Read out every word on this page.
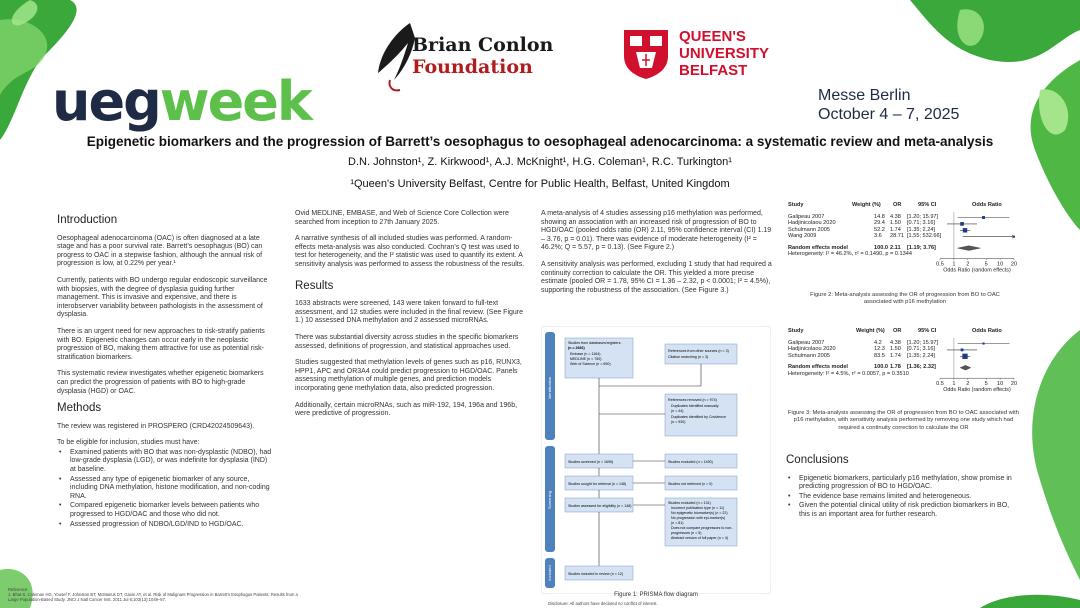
uegweek
Brian Conlon
Foundation
QUEEN'S
UNIVERSITY
BELFAST
Messe Berlin
October 4 – 7, 2025
Epigenetic biomarkers and the progression of Barrett’s oesophagus to oesophageal adenocarcinoma: a systematic review and meta-analysis
D.N. Johnston¹, Z. Kirkwood¹, A.J. McKnight¹, H.G. Coleman¹, R.C. Turkington¹
¹Queen's University Belfast, Centre for Public Health, Belfast, United Kingdom
Introduction

Oesophageal adenocarcinoma (OAC) is often diagnosed at a late stage and has a poor survival rate. Barrett’s oesophagus (BO) can progress to OAC in a stepwise fashion, although the annual risk of progression is low, at 0.22% per year.¹

Currently, patients with BO undergo regular endoscopic surveillance with biopsies, with the degree of dysplasia guiding further management. This is invasive and expensive, and there is interobserver variability between pathologists in the assessment of dysplasia.

There is an urgent need for new approaches to risk-stratify patients with BO. Epigenetic changes can occur early in the neoplastic progression of BO, making them attractive for use as potential risk-stratification biomarkers.

This systematic review investigates whether epigenetic biomarkers can predict the progression of patients with BO to high-grade dysplasia (HGD) or OAC.

Methods

The review was registered in PROSPERO (CRD42024509643).

To be eligible for inclusion, studies must have:

• Examined patients with BO that was non-dysplastic (NDBO), had low-grade dysplasia (LGD), or was indefinite for dysplasia (IND) at baseline.
• Assessed any type of epigenetic biomarker of any source, including DNA methylation, histone modification, and non-coding RNA.
• Compared epigenetic biomarker levels between patients who progressed to HGD/OAC and those who did not.
• Assessed progression of NDBO/LGD/IND to HGD/OAC.

Ovid MEDLINE, EMBASE, and Web of Science Core Collection were searched from inception to 27th January 2025.

A narrative synthesis of all included studies was performed. A random-effects meta-analysis was also conducted. Cochran's Q test was used to test for heterogeneity, and the I² statistic was used to quantify its extent. A sensitivity analysis was performed to assess the robustness of the results.

Results

1633 abstracts were screened, 143 were taken forward to full-text assessment, and 12 studies were included in the final review. (See Figure 1.) 10 assessed DNA methylation and 2 assessed microRNAs.

There was substantial diversity across studies in the specific biomarkers assessed, definitions of progression, and statistical approaches used.

Studies suggested that methylation levels of genes such as p16, RUNX3, HPP1, APC and OR3A4 could predict progression to HGD/OAC. Panels assessing methylation of multiple genes, and prediction models incorporating gene methylation data, also predicted progression.

Additionally, certain microRNAs, such as miR-192, 194, 196a and 196b, were predictive of progression.

A meta-analysis of 4 studies assessing p16 methylation was performed, showing an association with an increased risk of progression of BO to HGD/OAC (pooled odds ratio (OR) 2.11, 95% confidence interval (CI) 1.19 – 3.76, p = 0.01). There was evidence of moderate heterogeneity (I² = 46.2%; Q = 5.57, p = 0.13). (See Figure 2.)

A sensitivity analysis was performed, excluding 1 study that had required a continuity correction to calculate the OR. This yielded a more precise estimate (pooled OR = 1.78, 95% CI = 1.36 – 2.32, p < 0.0001; I² = 4.5%), supporting the robustness of the association. (See Figure 3.)

Identification
Screening
Included
Studies from databases/registers
(n = 2666)
Embase (n = 1164)
MEDLINE (n = 750)
Web of Science (n = 690)
References from other sources (n = 3)
Citation searching (n = 3)
References removed (n = 974)
Duplicates identified manually
(n = 44)
Duplicates identified by Covidence
(n = 930)
Studies screened (n = 1695)	Studies excluded (n = 1490)
Studies sought for retrieval (n = 148)	Studies not retrieved (n = 0)
Studies assessed for eligibility (n = 148)
Studies excluded (n = 131)
Incorrect publication type (n = 11)
No epigenetic biomarker(s) (n = 22)
No progression with epi-marker(s)
(n = 81)
Does not compare progressors to non-
progressors (n = 5)
Abstract version of full paper (n = 4)
Studies included in review (n = 12)
Figure 1: PRISMA flow diagram
Study	Weight (%) OR	95% CI	Odds Ratio
Galipeau 2007	14.8 4.38 [1.20; 15.97]
Hadjinicolaou 2020	29.4 1.50 [0.71; 3.16]
Schulmann 2005	52.2 1.74 [1.35; 2.24]
Wang 2009	3.6 28.71 [1.55; 532.66]
Random effects model	100.0 2.11 [1.19; 3.76]
Heterogeneity: I² = 46.2%, τ² = 0.1490, p = 0.1344
0.5 1 2	5 10 20
Odds Ratio (random effects)
Figure 2: Meta-analysis assessing the OR of progression from BO to OAC associated with p16 methylation
Study	Weight (%) OR	95% CI	Odds Ratio
Galipeau 2007	4.2 4.38 [1.20; 15.97]
Hadjinicolaou 2020	12.3 1.50 [0.71; 3.16]
Schulmann 2005	83.5 1.74 [1.35; 2.24]
Random effects model	100.0 1.78 [1.36; 2.32]
Heterogeneity: I² = 4.5%, τ² = 0.0057, p = 0.3510
0.5 1 2	5 10 20
Odds Ratio (random effects)
Figure 3: Meta-analysis assessing the OR of progression from BO to OAC associated with p16 methylation, with sensitivity analysis performed by removing one study which had required a continuity correction to calculate the OR
Conclusions
• Epigenetic biomarkers, particularly p16 methylation, show promise in predicting progression of BO to HGD/OAC.
• The evidence base remains limited and heterogeneous.
• Given the potential clinical utility of risk prediction biomarkers in BO, this is an important area for further research.
Reference:
1. Bhat S, Coleman HG, Yousef F, Johnston BT, McManus DT, Gavin AT, et al. Risk of Malignant Progression in Barrett’s Esophagus Patients: Results from a Large Population-Based Study. JNCI J Natl Cancer Inst. 2011 Jul 6;103(13):1049–57.
Disclosure: All authors have declared no conflict of interest.
